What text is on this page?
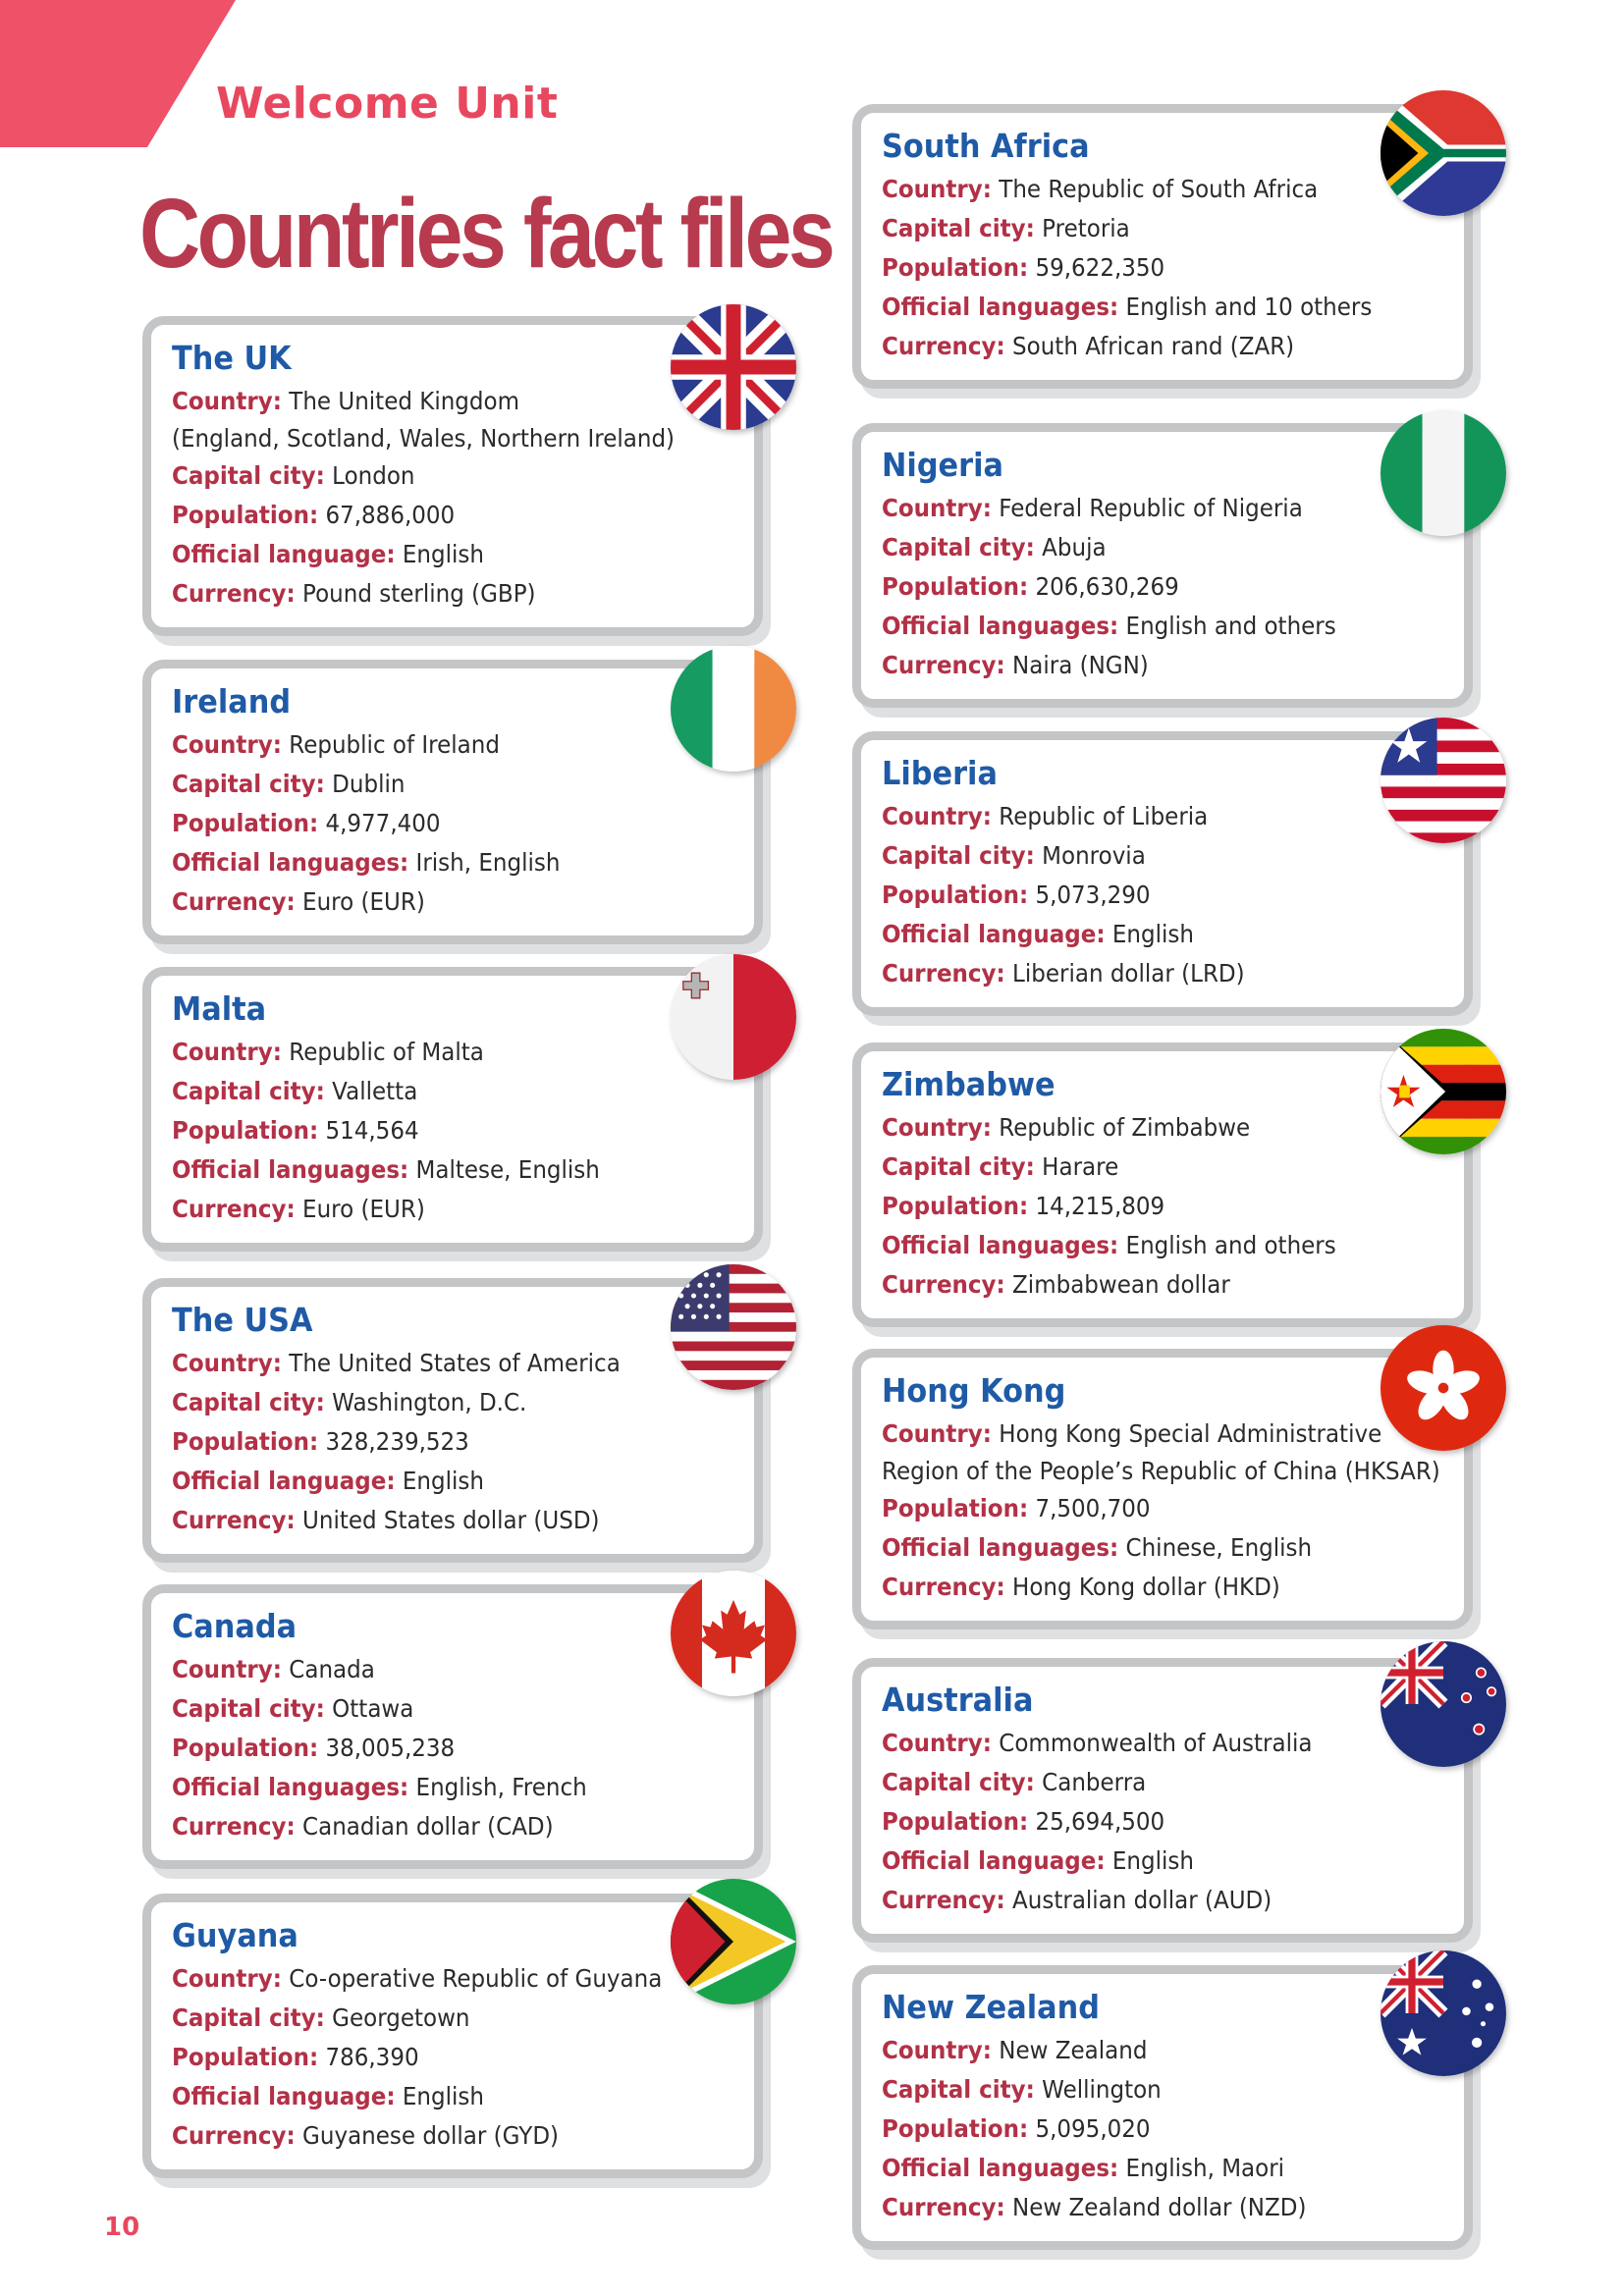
Welcome Unit
Countries fact files
The UK
Country: The United Kingdom
(England, Scotland, Wales, Northern Ireland)
Capital city: London
Population: 67,886,000
Official language: English
Currency: Pound sterling (GBP)
Ireland
Country: Republic of Ireland
Capital city: Dublin
Population: 4,977,400
Official languages: Irish, English
Currency: Euro (EUR)
Malta
Country: Republic of Malta
Capital city: Valletta
Population: 514,564
Official languages: Maltese, English
Currency: Euro (EUR)
The USA
Country: The United States of America
Capital city: Washington, D.C.
Population: 328,239,523
Official language: English
Currency: United States dollar (USD)
Canada
Country: Canada
Capital city: Ottawa
Population: 38,005,238
Official languages: English, French
Currency: Canadian dollar (CAD)
Guyana
Country: Co-operative Republic of Guyana
Capital city: Georgetown
Population: 786,390
Official language: English
Currency: Guyanese dollar (GYD)
South Africa
Country: The Republic of South Africa
Capital city: Pretoria
Population: 59,622,350
Official languages: English and 10 others
Currency: South African rand (ZAR)
Nigeria
Country: Federal Republic of Nigeria
Capital city: Abuja
Population: 206,630,269
Official languages: English and others
Currency: Naira (NGN)
Liberia
Country: Republic of Liberia
Capital city: Monrovia
Population: 5,073,290
Official language: English
Currency: Liberian dollar (LRD)
Zimbabwe
Country: Republic of Zimbabwe
Capital city: Harare
Population: 14,215,809
Official languages: English and others
Currency: Zimbabwean dollar
Hong Kong
Country: Hong Kong Special Administrative
Region of the People’s Republic of China (HKSAR)
Population: 7,500,700
Official languages: Chinese, English
Currency: Hong Kong dollar (HKD)
Australia
Country: Commonwealth of Australia
Capital city: Canberra
Population: 25,694,500
Official language: English
Currency: Australian dollar (AUD)
New Zealand
Country: New Zealand
Capital city: Wellington
Population: 5,095,020
Official languages: English, Maori
Currency: New Zealand dollar (NZD)
10
